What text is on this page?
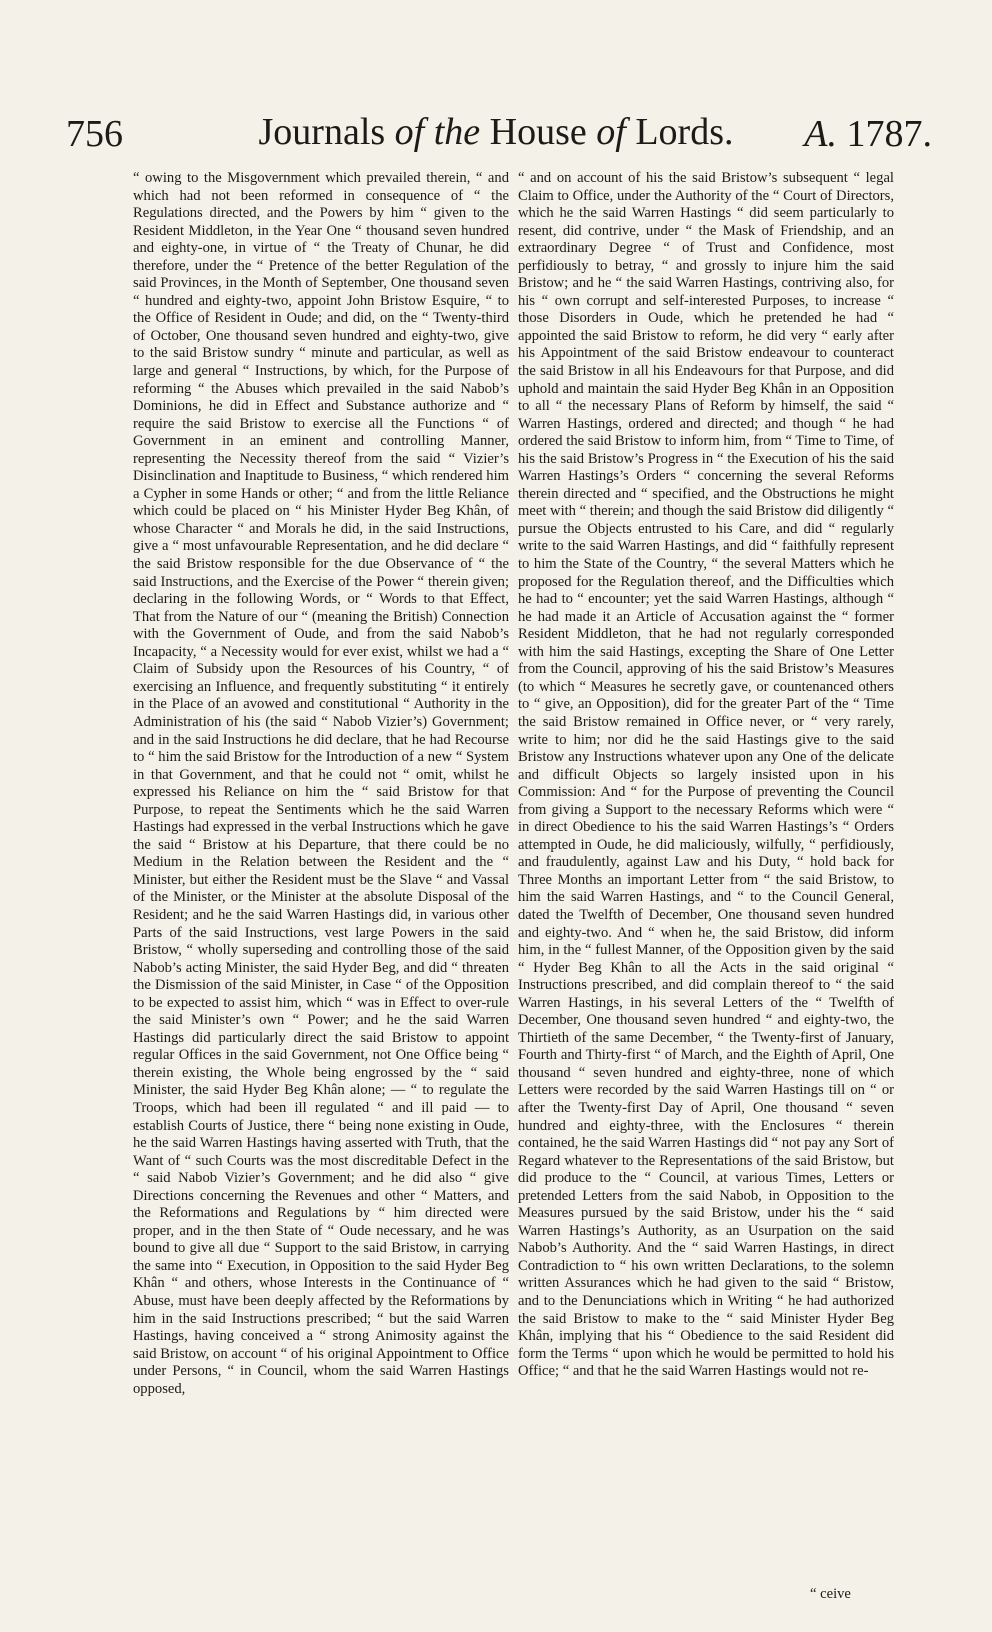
756	Journals of the House of Lords.	A. 1787.

“ owing to the Misgovernment which prevailed therein, “ and which had not been reformed in consequence of “ the Regulations directed, and the Powers by him “ given to the Resident Middleton, in the Year One “ thousand seven hundred and eighty-one, in virtue of “ the Treaty of Chunar, he did therefore, under the “ Pretence of the better Regulation of the said Provinces, in the Month of September, One thousand seven “ hundred and eighty-two, appoint John Bristow Esquire, “ to the Office of Resident in Oude; and did, on the “ Twenty-third of October, One thousand seven hundred and eighty-two, give to the said Bristow sundry “ minute and particular, as well as large and general “ Instructions, by which, for the Purpose of reforming “ the Abuses which prevailed in the said Nabob’s Dominions, he did in Effect and Substance authorize and “ require the said Bristow to exercise all the Functions “ of Government in an eminent and controlling Manner, representing the Necessity thereof from the said “ Vizier’s Disinclination and Inaptitude to Business, “ which rendered him a Cypher in some Hands or other; “ and from the little Reliance which could be placed on “ his Minister Hyder Beg Khân, of whose Character “ and Morals he did, in the said Instructions, give a “ most unfavourable Representation, and he did declare “ the said Bristow responsible for the due Observance of “ the said Instructions, and the Exercise of the Power “ therein given; declaring in the following Words, or “ Words to that Effect, That from the Nature of our “ (meaning the British) Connection with the Government of Oude, and from the said Nabob’s Incapacity, “ a Necessity would for ever exist, whilst we had a “ Claim of Subsidy upon the Resources of his Country, “ of exercising an Influence, and frequently substituting “ it entirely in the Place of an avowed and constitutional “ Authority in the Administration of his (the said “ Nabob Vizier’s) Government; and in the said Instructions he did declare, that he had Recourse to “ him the said Bristow for the Introduction of a new “ System in that Government, and that he could not “ omit, whilst he expressed his Reliance on him the “ said Bristow for that Purpose, to repeat the Sentiments which he the said Warren Hastings had expressed in the verbal Instructions which he gave the said “ Bristow at his Departure, that there could be no Medium in the Relation between the Resident and the “ Minister, but either the Resident must be the Slave “ and Vassal of the Minister, or the Minister at the absolute Disposal of the Resident; and he the said Warren Hastings did, in various other Parts of the said Instructions, vest large Powers in the said Bristow, “ wholly superseding and controlling those of the said Nabob’s acting Minister, the said Hyder Beg, and did “ threaten the Dismission of the said Minister, in Case “ of the Opposition to be expected to assist him, which “ was in Effect to over-rule the said Minister’s own “ Power; and he the said Warren Hastings did particularly direct the said Bristow to appoint regular Offices in the said Government, not One Office being “ therein existing, the Whole being engrossed by the “ said Minister, the said Hyder Beg Khân alone; — “ to regulate the Troops, which had been ill regulated “ and ill paid — to establish Courts of Justice, there “ being none existing in Oude, he the said Warren Hastings having asserted with Truth, that the Want of “ such Courts was the most discreditable Defect in the “ said Nabob Vizier’s Government; and he did also “ give Directions concerning the Revenues and other “ Matters, and the Reformations and Regulations by “ him directed were proper, and in the then State of “ Oude necessary, and he was bound to give all due “ Support to the said Bristow, in carrying the same into “ Execution, in Opposition to the said Hyder Beg Khân “ and others, whose Interests in the Continuance of “ Abuse, must have been deeply affected by the Reformations by him in the said Instructions prescribed; “ but the said Warren Hastings, having conceived a “ strong Animosity against the said Bristow, on account “ of his original Appointment to Office under Persons, “ in Council, whom the said Warren Hastings opposed,

“ and on account of his the said Bristow’s subsequent “ legal Claim to Office, under the Authority of the “ Court of Directors, which he the said Warren Hastings “ did seem particularly to resent, did contrive, under “ the Mask of Friendship, and an extraordinary Degree “ of Trust and Confidence, most perfidiously to betray, “ and grossly to injure him the said Bristow; and he “ the said Warren Hastings, contriving also, for his “ own corrupt and self-interested Purposes, to increase “ those Disorders in Oude, which he pretended he had “ appointed the said Bristow to reform, he did very “ early after his Appointment of the said Bristow endeavour to counteract the said Bristow in all his Endeavours for that Purpose, and did uphold and maintain the said Hyder Beg Khân in an Opposition to all “ the necessary Plans of Reform by himself, the said “ Warren Hastings, ordered and directed; and though “ he had ordered the said Bristow to inform him, from “ Time to Time, of his the said Bristow’s Progress in “ the Execution of his the said Warren Hastings’s Orders “ concerning the several Reforms therein directed and “ specified, and the Obstructions he might meet with “ therein; and though the said Bristow did diligently “ pursue the Objects entrusted to his Care, and did “ regularly write to the said Warren Hastings, and did “ faithfully represent to him the State of the Country, “ the several Matters which he proposed for the Regulation thereof, and the Difficulties which he had to “ encounter; yet the said Warren Hastings, although “ he had made it an Article of Accusation against the “ former Resident Middleton, that he had not regularly corresponded with him the said Hastings, excepting the Share of One Letter from the Council, approving of his the said Bristow’s Measures (to which “ Measures he secretly gave, or countenanced others to “ give, an Opposition), did for the greater Part of the “ Time the said Bristow remained in Office never, or “ very rarely, write to him; nor did he the said Hastings give to the said Bristow any Instructions whatever upon any One of the delicate and difficult Objects so largely insisted upon in his Commission: And “ for the Purpose of preventing the Council from giving a Support to the necessary Reforms which were “ in direct Obedience to his the said Warren Hastings’s “ Orders attempted in Oude, he did maliciously, wilfully, “ perfidiously, and fraudulently, against Law and his Duty, “ hold back for Three Months an important Letter from “ the said Bristow, to him the said Warren Hastings, and “ to the Council General, dated the Twelfth of December, One thousand seven hundred and eighty-two. And “ when he, the said Bristow, did inform him, in the “ fullest Manner, of the Opposition given by the said “ Hyder Beg Khân to all the Acts in the said original “ Instructions prescribed, and did complain thereof to “ the said Warren Hastings, in his several Letters of the “ Twelfth of December, One thousand seven hundred “ and eighty-two, the Thirtieth of the same December, “ the Twenty-first of January, Fourth and Thirty-first “ of March, and the Eighth of April, One thousand “ seven hundred and eighty-three, none of which Letters were recorded by the said Warren Hastings till on “ or after the Twenty-first Day of April, One thousand “ seven hundred and eighty-three, with the Enclosures “ therein contained, he the said Warren Hastings did “ not pay any Sort of Regard whatever to the Representations of the said Bristow, but did produce to the “ Council, at various Times, Letters or pretended Letters from the said Nabob, in Opposition to the Measures pursued by the said Bristow, under his the “ said Warren Hastings’s Authority, as an Usurpation on the said Nabob’s Authority. And the “ said Warren Hastings, in direct Contradiction to “ his own written Declarations, to the solemn written Assurances which he had given to the said “ Bristow, and to the Denunciations which in Writing “ he had authorized the said Bristow to make to the “ said Minister Hyder Beg Khân, implying that his “ Obedience to the said Resident did form the Terms “ upon which he would be permitted to hold his Office; “ and that he the said Warren Hastings would not re-

“ ceive
